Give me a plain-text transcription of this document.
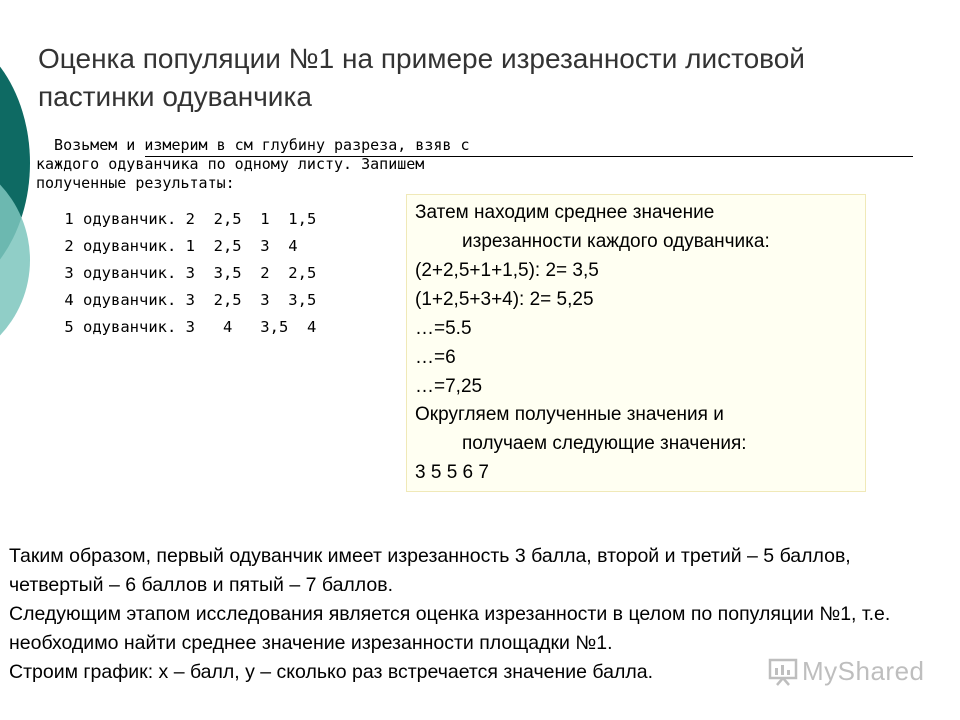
Оценка популяции №1 на примере изрезанности листовой
пастинки одуванчика
Возьмем и измерим в см глубину разреза, взяв с
каждого одуванчика по одному листу. Запишем
полученные результаты:
1 одуванчик. 2  2,5  1  1,5
2 одуванчик. 1  2,5  3  4
3 одуванчик. 3  3,5  2  2,5
4 одуванчик. 3  2,5  3  3,5
5 одуванчик. 3   4   3,5  4
Затем находим среднее значение
изрезанности каждого одуванчика:
(2+2,5+1+1,5): 2= 3,5
(1+2,5+3+4): 2= 5,25
…=5.5
…=6
…=7,25
Округляем полученные значения и
получаем следующие значения:
3 5 5 6 7

Таким образом, первый одуванчик имеет изрезанность 3 балла, второй и третий – 5 баллов, четвертый – 6 баллов и пятый – 7 баллов.

Следующим этапом исследования является оценка изрезанности в целом по популяции №1, т.е. необходимо найти среднее значение изрезанности площадки №1.

Строим график: х – балл, у – сколько раз встречается значение балла.	MyShared
